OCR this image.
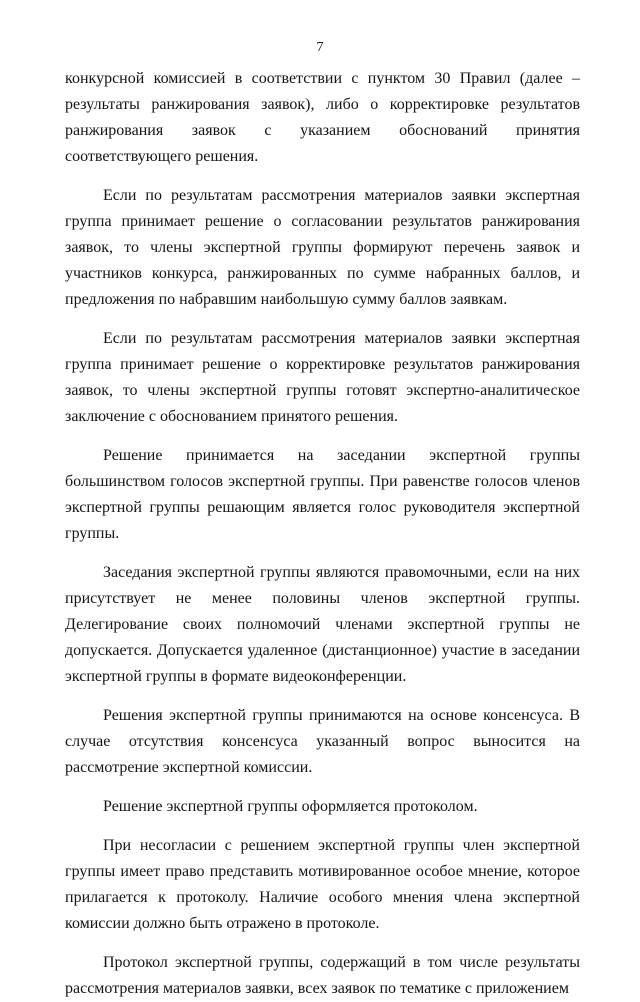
7

конкурсной комиссией в соответствии с пунктом 30 Правил (далее – результаты ранжирования заявок), либо о корректировке результатов ранжирования заявок с указанием обоснований принятия соответствующего решения.

Если по результатам рассмотрения материалов заявки экспертная группа принимает решение о согласовании результатов ранжирования заявок, то члены экспертной группы формируют перечень заявок и участников конкурса, ранжированных по сумме набранных баллов, и предложения по набравшим наибольшую сумму баллов заявкам.

Если по результатам рассмотрения материалов заявки экспертная группа принимает решение о корректировке результатов ранжирования заявок, то члены экспертной группы готовят экспертно-аналитическое заключение с обоснованием принятого решения.

Решение принимается на заседании экспертной группы большинством голосов экспертной группы. При равенстве голосов членов экспертной группы решающим является голос руководителя экспертной группы.

Заседания экспертной группы являются правомочными, если на них присутствует не менее половины членов экспертной группы. Делегирование своих полномочий членами экспертной группы не допускается. Допускается удаленное (дистанционное) участие в заседании экспертной группы в формате видеоконференции.

Решения экспертной группы принимаются на основе консенсуса. В случае отсутствия консенсуса указанный вопрос выносится на рассмотрение экспертной комиссии.

Решение экспертной группы оформляется протоколом.

При несогласии с решением экспертной группы член экспертной группы имеет право представить мотивированное особое мнение, которое прилагается к протоколу. Наличие особого мнения члена экспертной комиссии должно быть отражено в протоколе.

Протокол экспертной группы, содержащий в том числе результаты рассмотрения материалов заявки, всех заявок по тематике с приложением
